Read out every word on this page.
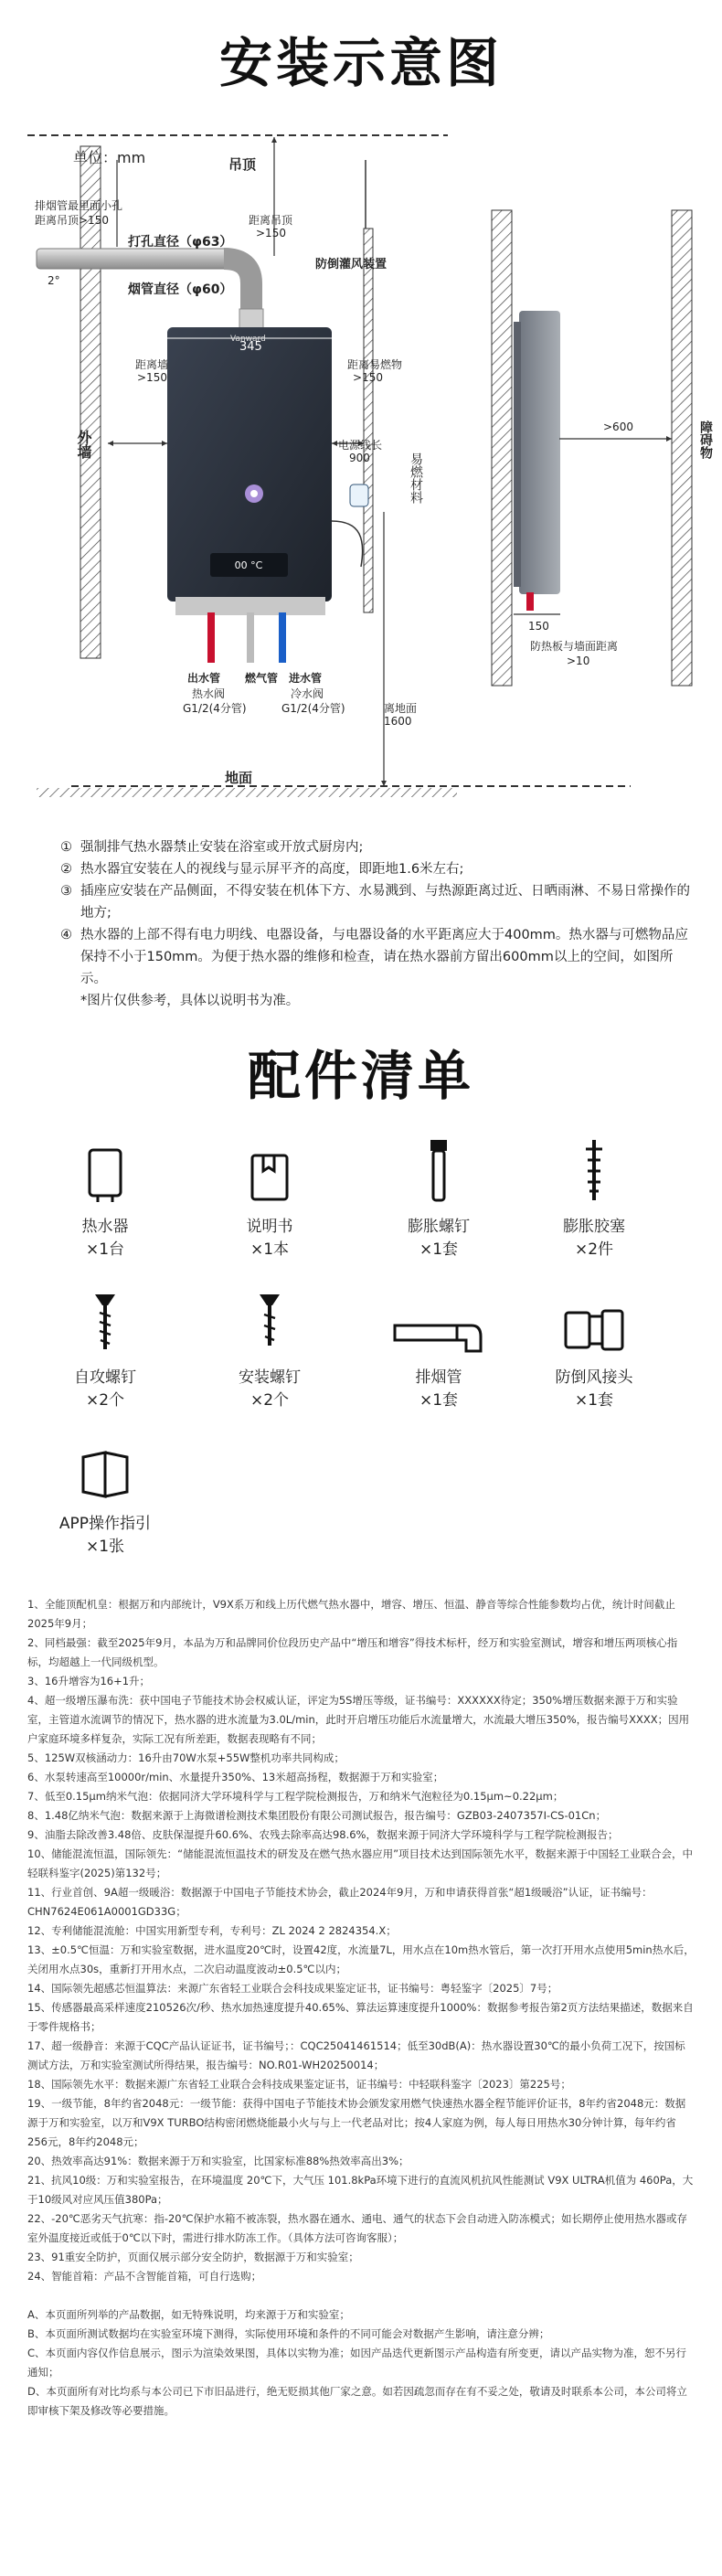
安装示意图
00 °C
单位：mm	吊顶
排烟管最里面小孔
距离吊顶>150	距离吊顶
>150
打孔直径（φ63）
2°
烟管直径（φ60）
防倒灌风装置
外墙
345
距离墙
>150
距离易燃物
>150
540
易燃材料
电源线长
900
出水管
热水阀
G1/2(4分管)
燃气管 进水管
冷水阀
G1/2(4分管)	离地面
1600
地面
>600	障碍物
150
防热板与墙面距离
>10
Vanward
① 强制排气热水器禁止安装在浴室或开放式厨房内;
② 热水器宜安装在人的视线与显示屏平齐的高度，即距地1.6米左右;
③ 插座应安装在产品侧面，不得安装在机体下方、水易溅到、与热源距离过近、日晒雨淋、不易日常操作的地方;
④ 热水器的上部不得有电力明线、电器设备，与电器设备的水平距离应大于400mm。热水器与可燃物品应保持不小于150mm。为便于热水器的维修和检查，请在热水器前方留出600mm以上的空间，如图所示。
*图片仅供参考，具体以说明书为准。
配件清单
热水器
×1台
说明书
×1本
膨胀螺钉
×1套
膨胀胶塞
×2件
自攻螺钉
×2个
安装螺钉
×2个
排烟管
×1套
防倒风接头
×1套
APP操作指引
×1张

1、全能顶配机皇：根据万和内部统计，V9X系万和线上历代燃气热水器中，增容、增压、恒温、静音等综合性能参数均占优，统计时间截止2025年9月；

2、同档最强：截至2025年9月，本品为万和品牌同价位段历史产品中“增压和增容”得技术标杆，经万和实验室测试，增容和增压两项核心指标，均超越上一代同级机型。

3、16升增容为16+1升；

4、超一级增压瀑布洗：获中国电子节能技术协会权威认证，评定为5S增压等级，证书编号：XXXXXX待定；350%增压数据来源于万和实验室，主管道水流调节的情况下，热水器的进水流量为3.0L/min，此时开启增压功能后水流量增大，水流最大增压350%，报告编号XXXX；因用户家庭环境多样复杂，实际工况有所差距，数据表现略有不同；

5、125W双核涵动力：16升由70W水泵+55W整机功率共同构成；

6、水泵转速高至10000r/min、水量提升350%、13米超高扬程，数据源于万和实验室；

7、低至0.15μm纳米气泡：依据同济大学环境科学与工程学院检测报告，万和纳米气泡粒径为0.15μm~0.22μm；

8、1.48亿纳米气泡：数据来源于上海微谱检测技术集团股份有限公司测试报告，报告编号：GZB03-2407357I-CS-01Cn；

9、油脂去除改善3.48倍、皮肤保湿提升60.6%、农残去除率高达98.6%，数据来源于同济大学环境科学与工程学院检测报告；

10、储能混流恒温，国际领先：“储能混流恒温技术的研发及在燃气热水器应用”项目技术达到国际领先水平，数据来源于中国轻工业联合会，中轻联科鉴字(2025)第132号；

11、行业首创、9A超一级暖浴：数据源于中国电子节能技术协会，截止2024年9月，万和申请获得首张“超1级暖浴”认证，证书编号：CHN7624E061A0001GD33G；

12、专利储能混流舱：中国实用新型专利，专利号：ZL 2024 2 2824354.X；

13、±0.5℃恒温：万和实验室数据，进水温度20℃时，设置42度，水流量7L，用水点在10m热水管后，第一次打开用水点使用5min热水后，关闭用水点30s，重新打开用水点，二次启动温度波动±0.5℃以内；

14、国际领先超感芯恒温算法：来源广东省轻工业联合会科技成果鉴定证书，证书编号：粤轻鉴字〔2025〕7号；

15、传感器最高采样速度210526次/秒、热水加热速度提升40.65%、算法运算速度提升1000%：数据参考报告第2页方法结果描述，数据来自于零件规格书；

17、超一级静音：来源于CQC产品认证证书，证书编号；：CQC25041461514；低至30dB(A)：热水器设置30℃的最小负荷工况下，按国标测试方法，万和实验室测试所得结果，报告编号：NO.R01-WH20250014；

18、国际领先水平：数据来源广东省轻工业联合会科技成果鉴定证书，证书编号：中轻联科鉴字〔2023〕第225号；

19、一级节能，8年约省2048元：一级节能：获得中国电子节能技术协会颁发家用燃气快速热水器全程节能评价证书，8年约省2048元：数据源于万和实验室，以万和V9X TURBO结构密闭燃烧能最小火与与上一代老品对比；按4人家庭为例，每人每日用热水30分钟计算，每年约省256元，8年约2048元；

20、热效率高达91%：数据来源于万和实验室，比国家标准88%热效率高出3%；

21、抗风10级：万和实验室报告，在环境温度 20℃下，大气压 101.8kPa环境下进行的直流风机抗风性能测试 V9X ULTRA机值为 460Pa，大于10级风对应风压值380Pa；

22、-20℃恶劣天气抗寒：指-20℃保护水箱不被冻裂，热水器在通水、通电、通气的状态下会自动进入防冻模式；如长期停止使用热水器或存室外温度接近或低于0℃以下时，需进行排水防冻工作。（具体方法可咨询客服）；

23、91重安全防护，页面仅展示部分安全防护，数据源于万和实验室；

24、智能首箱：产品不含智能首箱，可自行选购；

A、本页面所列举的产品数据，如无特殊说明，均来源于万和实验室；

B、本页面所测试数据均在实验室环境下测得，实际使用环境和条件的不同可能会对数据产生影响，请注意分辨；

C、本页面内容仅作信息展示，图示为渲染效果图，具体以实物为准；如因产品迭代更新图示产品构造有所变更，请以产品实物为准，恕不另行通知；

D、本页面所有对比均系与本公司已下市旧品进行，绝无贬损其他厂家之意。如若因疏忽而存在有不妥之处，敬请及时联系本公司，本公司将立即审核下架及修改等必要措施。
